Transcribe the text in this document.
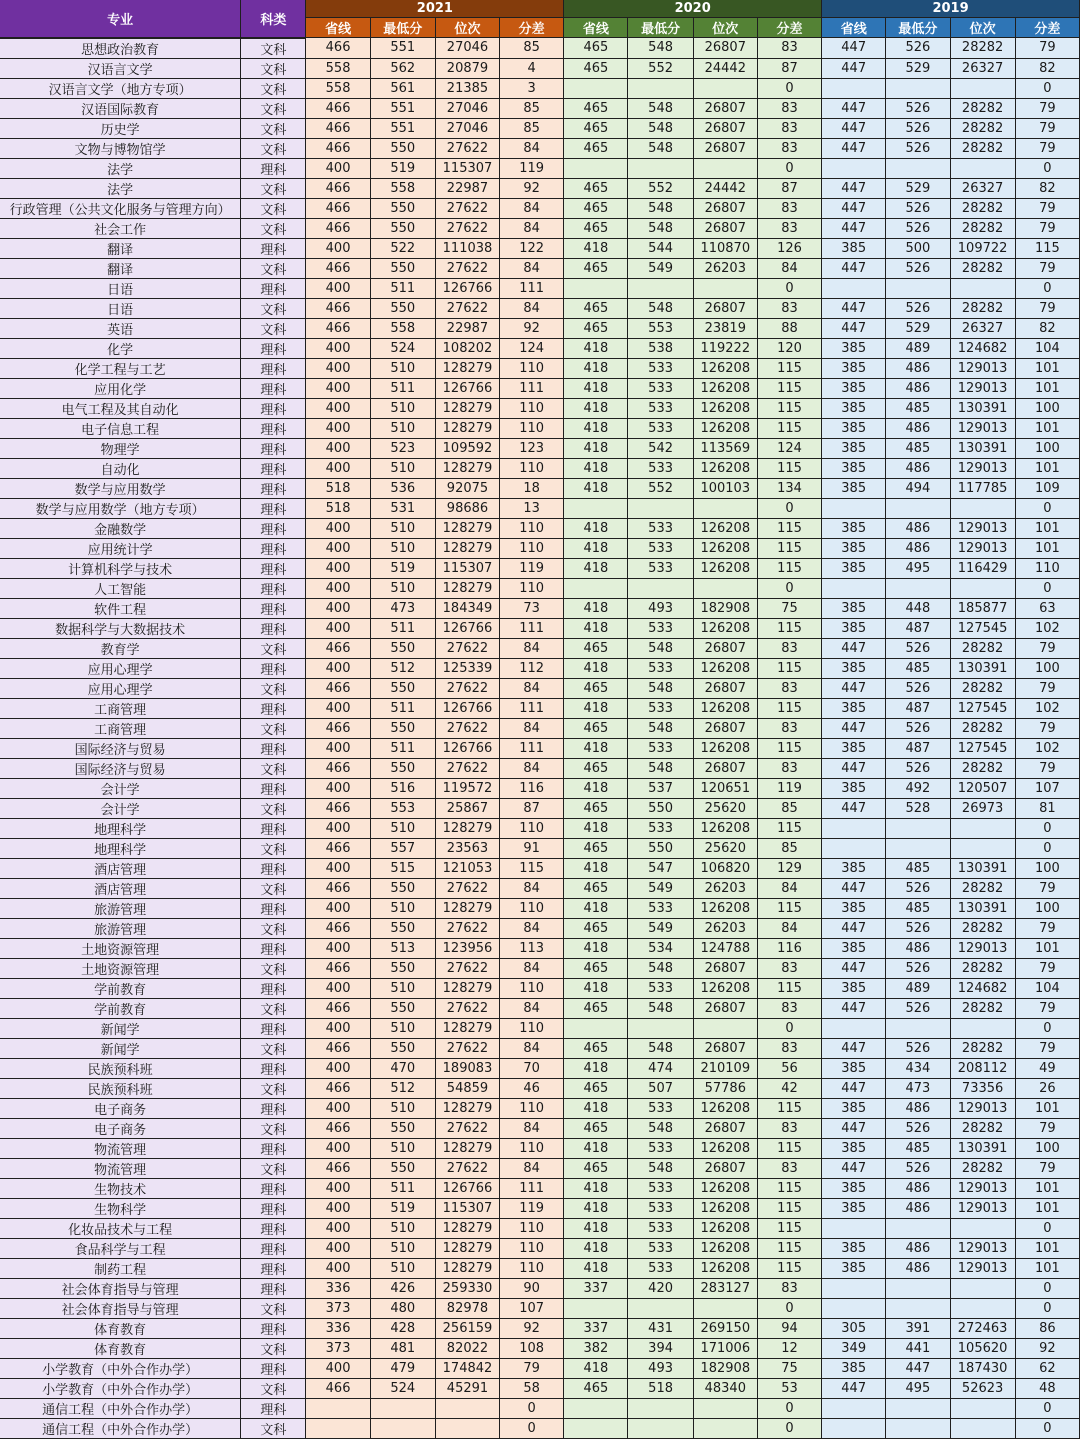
专业	科类	2021				2020				2019			
		省线	最低分	位次	分差	省线	最低分	位次	分差	省线	最低分	位次	分差
思想政治教育	文科	466	551	27046	85	465	548	26807	83	447	526	28282	79
汉语言文学	文科	558	562	20879	4	465	552	24442	87	447	529	26327	82
汉语言文学（地方专项）	文科	558	561	21385	3				0				0
汉语国际教育	文科	466	551	27046	85	465	548	26807	83	447	526	28282	79
历史学	文科	466	551	27046	85	465	548	26807	83	447	526	28282	79
文物与博物馆学	文科	466	550	27622	84	465	548	26807	83	447	526	28282	79
法学	理科	400	519	115307	119				0				0
法学	文科	466	558	22987	92	465	552	24442	87	447	529	26327	82
行政管理（公共文化服务与管理方向）	文科	466	550	27622	84	465	548	26807	83	447	526	28282	79
社会工作	文科	466	550	27622	84	465	548	26807	83	447	526	28282	79
翻译	理科	400	522	111038	122	418	544	110870	126	385	500	109722	115
翻译	文科	466	550	27622	84	465	549	26203	84	447	526	28282	79
日语	理科	400	511	126766	111				0				0
日语	文科	466	550	27622	84	465	548	26807	83	447	526	28282	79
英语	文科	466	558	22987	92	465	553	23819	88	447	529	26327	82
化学	理科	400	524	108202	124	418	538	119222	120	385	489	124682	104
化学工程与工艺	理科	400	510	128279	110	418	533	126208	115	385	486	129013	101
应用化学	理科	400	511	126766	111	418	533	126208	115	385	486	129013	101
电气工程及其自动化	理科	400	510	128279	110	418	533	126208	115	385	485	130391	100
电子信息工程	理科	400	510	128279	110	418	533	126208	115	385	486	129013	101
物理学	理科	400	523	109592	123	418	542	113569	124	385	485	130391	100
自动化	理科	400	510	128279	110	418	533	126208	115	385	486	129013	101
数学与应用数学	理科	518	536	92075	18	418	552	100103	134	385	494	117785	109
数学与应用数学（地方专项）	理科	518	531	98686	13				0				0
金融数学	理科	400	510	128279	110	418	533	126208	115	385	486	129013	101
应用统计学	理科	400	510	128279	110	418	533	126208	115	385	486	129013	101
计算机科学与技术	理科	400	519	115307	119	418	533	126208	115	385	495	116429	110
人工智能	理科	400	510	128279	110				0				0
软件工程	理科	400	473	184349	73	418	493	182908	75	385	448	185877	63
数据科学与大数据技术	理科	400	511	126766	111	418	533	126208	115	385	487	127545	102
教育学	文科	466	550	27622	84	465	548	26807	83	447	526	28282	79
应用心理学	理科	400	512	125339	112	418	533	126208	115	385	485	130391	100
应用心理学	文科	466	550	27622	84	465	548	26807	83	447	526	28282	79
工商管理	理科	400	511	126766	111	418	533	126208	115	385	487	127545	102
工商管理	文科	466	550	27622	84	465	548	26807	83	447	526	28282	79
国际经济与贸易	理科	400	511	126766	111	418	533	126208	115	385	487	127545	102
国际经济与贸易	文科	466	550	27622	84	465	548	26807	83	447	526	28282	79
会计学	理科	400	516	119572	116	418	537	120651	119	385	492	120507	107
会计学	文科	466	553	25867	87	465	550	25620	85	447	528	26973	81
地理科学	理科	400	510	128279	110	418	533	126208	115				0
地理科学	文科	466	557	23563	91	465	550	25620	85				0
酒店管理	理科	400	515	121053	115	418	547	106820	129	385	485	130391	100
酒店管理	文科	466	550	27622	84	465	549	26203	84	447	526	28282	79
旅游管理	理科	400	510	128279	110	418	533	126208	115	385	485	130391	100
旅游管理	文科	466	550	27622	84	465	549	26203	84	447	526	28282	79
土地资源管理	理科	400	513	123956	113	418	534	124788	116	385	486	129013	101
土地资源管理	文科	466	550	27622	84	465	548	26807	83	447	526	28282	79
学前教育	理科	400	510	128279	110	418	533	126208	115	385	489	124682	104
学前教育	文科	466	550	27622	84	465	548	26807	83	447	526	28282	79
新闻学	理科	400	510	128279	110				0				0
新闻学	文科	466	550	27622	84	465	548	26807	83	447	526	28282	79
民族预科班	理科	400	470	189083	70	418	474	210109	56	385	434	208112	49
民族预科班	文科	466	512	54859	46	465	507	57786	42	447	473	73356	26
电子商务	理科	400	510	128279	110	418	533	126208	115	385	486	129013	101
电子商务	文科	466	550	27622	84	465	548	26807	83	447	526	28282	79
物流管理	理科	400	510	128279	110	418	533	126208	115	385	485	130391	100
物流管理	文科	466	550	27622	84	465	548	26807	83	447	526	28282	79
生物技术	理科	400	511	126766	111	418	533	126208	115	385	486	129013	101
生物科学	理科	400	519	115307	119	418	533	126208	115	385	486	129013	101
化妆品技术与工程	理科	400	510	128279	110	418	533	126208	115				0
食品科学与工程	理科	400	510	128279	110	418	533	126208	115	385	486	129013	101
制药工程	理科	400	510	128279	110	418	533	126208	115	385	486	129013	101
社会体育指导与管理	理科	336	426	259330	90	337	420	283127	83				0
社会体育指导与管理	文科	373	480	82978	107				0				0
体育教育	理科	336	428	256159	92	337	431	269150	94	305	391	272463	86
体育教育	文科	373	481	82022	108	382	394	171006	12	349	441	105620	92
小学教育（中外合作办学）	理科	400	479	174842	79	418	493	182908	75	385	447	187430	62
小学教育（中外合作办学）	文科	466	524	45291	58	465	518	48340	53	447	495	52623	48
通信工程（中外合作办学）	理科				0				0				0
通信工程（中外合作办学）	文科				0				0				0
